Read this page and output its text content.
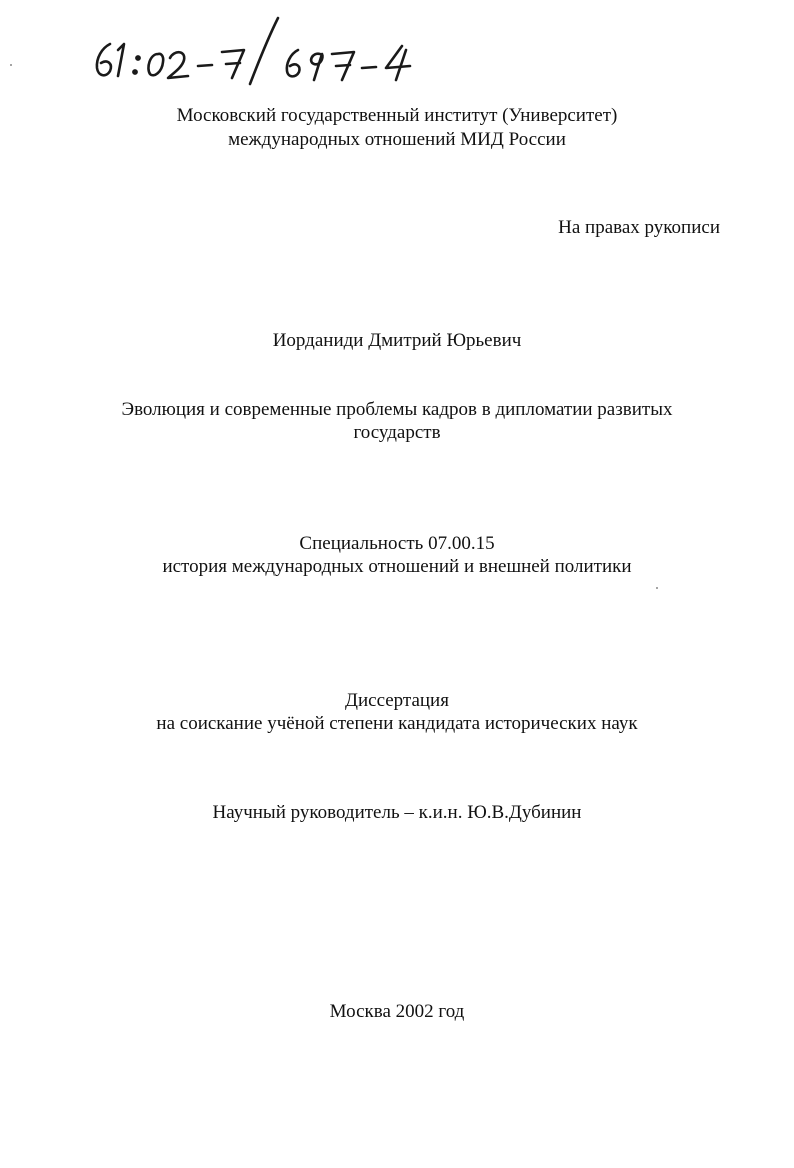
Московский государственный институт (Университет)
международных отношений МИД России
На правах рукописи
Иорданиди Дмитрий Юрьевич
Эволюция и современные проблемы кадров в дипломатии развитых
государств
Специальность 07.00.15
история международных отношений и внешней политики
Диссертация
на соискание учёной степени кандидата исторических наук
Научный руководитель – к.и.н. Ю.В.Дубинин
Москва 2002 год
